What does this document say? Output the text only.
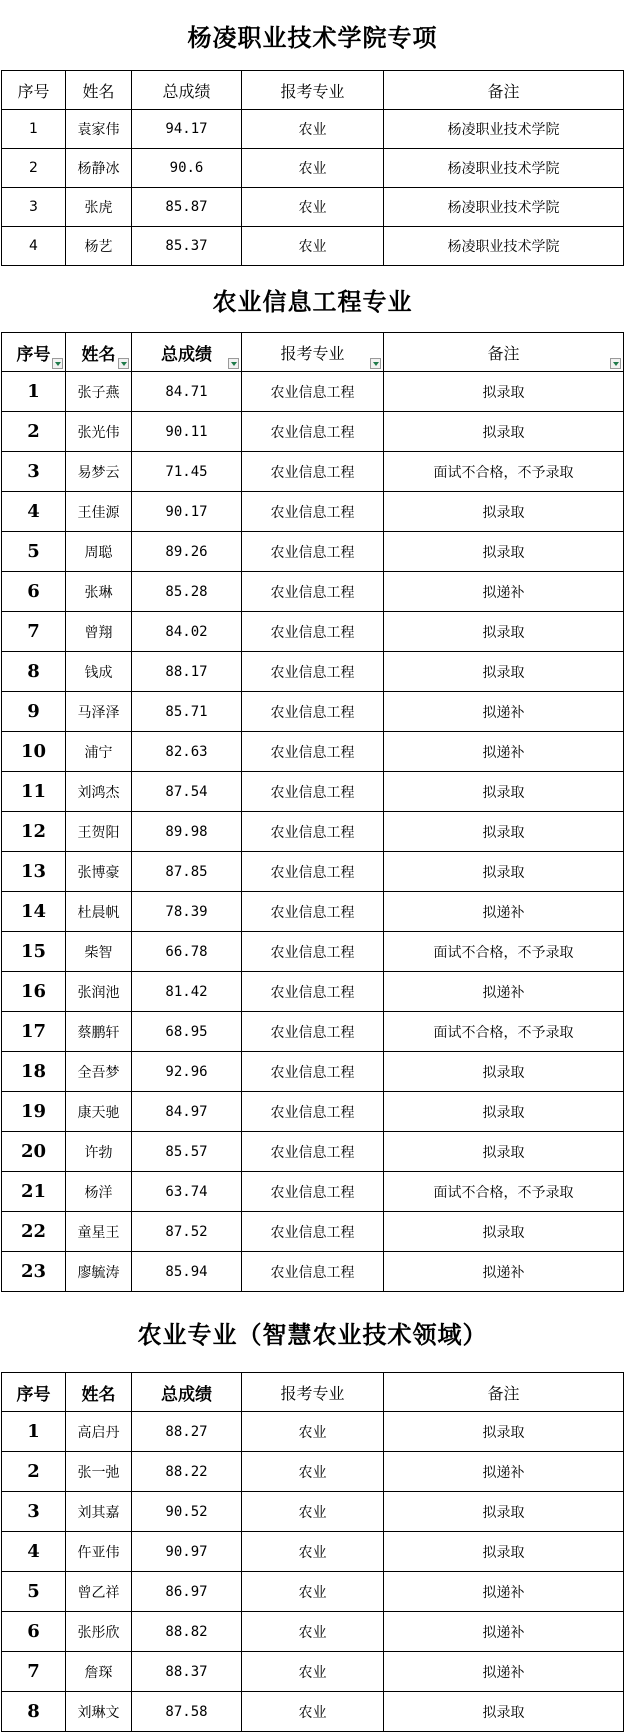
杨凌职业技术学院专项
序号	姓名	总成绩	报考专业	备注
1	袁家伟	94.17	农业	杨凌职业技术学院
2	杨静冰	90.6	农业	杨凌职业技术学院
3	张虎	85.87	农业	杨凌职业技术学院
4	杨艺	85.37	农业	杨凌职业技术学院
农业信息工程专业
序号	姓名	总成绩	报考专业	备注

1	张子燕	84.71	农业信息工程	拟录取
2	张光伟	90.11	农业信息工程	拟录取
3	易梦云	71.45	农业信息工程	面试不合格，不予录取
4	王佳源	90.17	农业信息工程	拟录取
5	周聪	89.26	农业信息工程	拟录取
6	张琳	85.28	农业信息工程	拟递补
7	曾翔	84.02	农业信息工程	拟录取
8	钱成	88.17	农业信息工程	拟录取
9	马泽泽	85.71	农业信息工程	拟递补
10	浦宁	82.63	农业信息工程	拟递补
11	刘鸿杰	87.54	农业信息工程	拟录取
12	王贺阳	89.98	农业信息工程	拟录取
13	张博豪	87.85	农业信息工程	拟录取
14	杜晨帆	78.39	农业信息工程	拟递补
15	柴智	66.78	农业信息工程	面试不合格，不予录取
16	张润池	81.42	农业信息工程	拟递补
17	蔡鹏轩	68.95	农业信息工程	面试不合格，不予录取
18	全吾梦	92.96	农业信息工程	拟录取
19	康天驰	84.97	农业信息工程	拟录取
20	许勃	85.57	农业信息工程	拟录取
21	杨洋	63.74	农业信息工程	面试不合格，不予录取
22	童星王	87.52	农业信息工程	拟录取
23	廖毓涛	85.94	农业信息工程	拟递补
农业专业（智慧农业技术领域）
序号	姓名	总成绩	报考专业	备注
1	高启丹	88.27	农业	拟录取
2	张一弛	88.22	农业	拟递补
3	刘其嘉	90.52	农业	拟录取
4	仵亚伟	90.97	农业	拟录取
5	曾乙祥	86.97	农业	拟递补
6	张彤欣	88.82	农业	拟递补
7	詹琛	88.37	农业	拟递补
8	刘琳文	87.58	农业	拟录取
